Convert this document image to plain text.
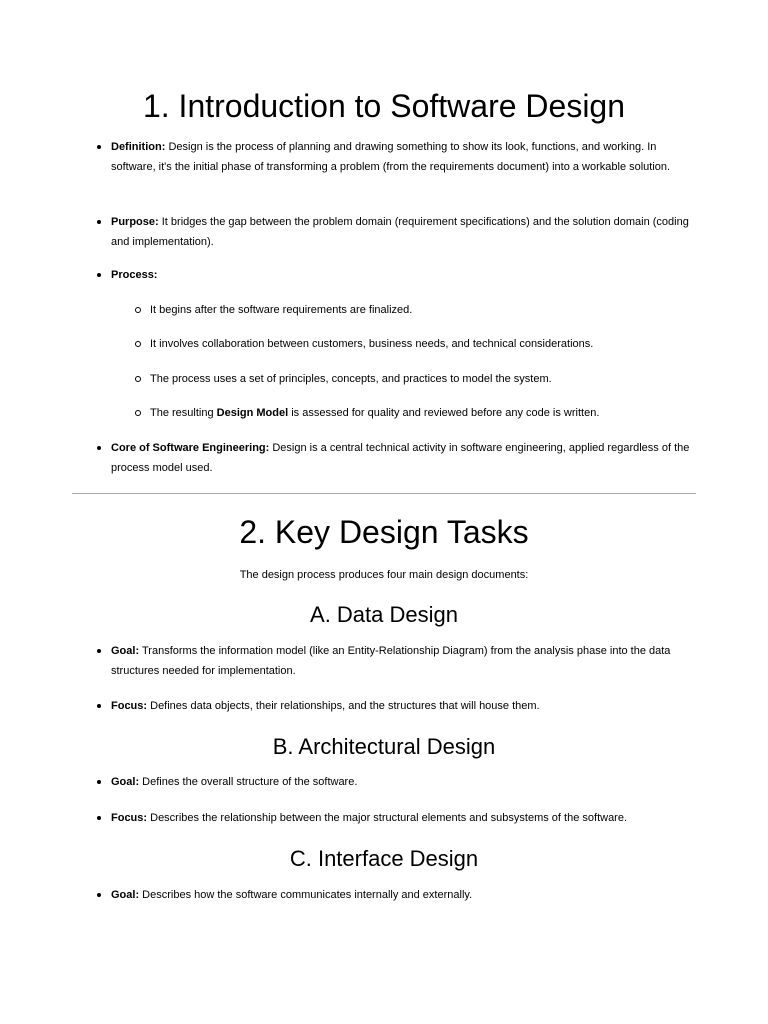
1. Introduction to Software Design
Definition: Design is the process of planning and drawing something to show its look, functions, and working. In software, it's the initial phase of transforming a problem (from the requirements document) into a workable solution.
Purpose: It bridges the gap between the problem domain (requirement specifications) and the solution domain (coding and implementation).
Process:
It begins after the software requirements are finalized.
It involves collaboration between customers, business needs, and technical considerations.
The process uses a set of principles, concepts, and practices to model the system.
The resulting Design Model is assessed for quality and reviewed before any code is written.
Core of Software Engineering: Design is a central technical activity in software engineering, applied regardless of the process model used.
2. Key Design Tasks
The design process produces four main design documents:
A. Data Design
Goal: Transforms the information model (like an Entity-Relationship Diagram) from the analysis phase into the data structures needed for implementation.
Focus: Defines data objects, their relationships, and the structures that will house them.
B. Architectural Design
Goal: Defines the overall structure of the software.
Focus: Describes the relationship between the major structural elements and subsystems of the software.
C. Interface Design
Goal: Describes how the software communicates internally and externally.
